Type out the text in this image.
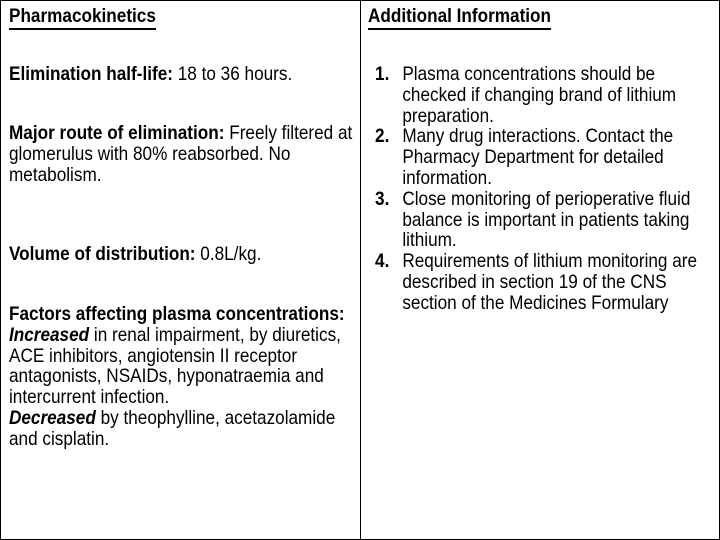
Pharmacokinetics
Elimination half-life: 18 to 36 hours.
Major route of elimination: Freely filtered at glomerulus with 80% reabsorbed. No metabolism.
Volume of distribution: 0.8L/kg.
Factors affecting plasma concentrations:
Increased in renal impairment, by diuretics, ACE inhibitors, angiotensin II receptor antagonists, NSAIDs, hyponatraemia and intercurrent infection.
Decreased by theophylline, acetazolamide and cisplatin.
Additional Information
1. Plasma concentrations should be checked if changing brand of lithium preparation.
2. Many drug interactions. Contact the Pharmacy Department for detailed information.
3. Close monitoring of perioperative fluid balance is important in patients taking lithium.
4. Requirements of lithium monitoring are described in section 19 of the CNS section of the Medicines Formulary
